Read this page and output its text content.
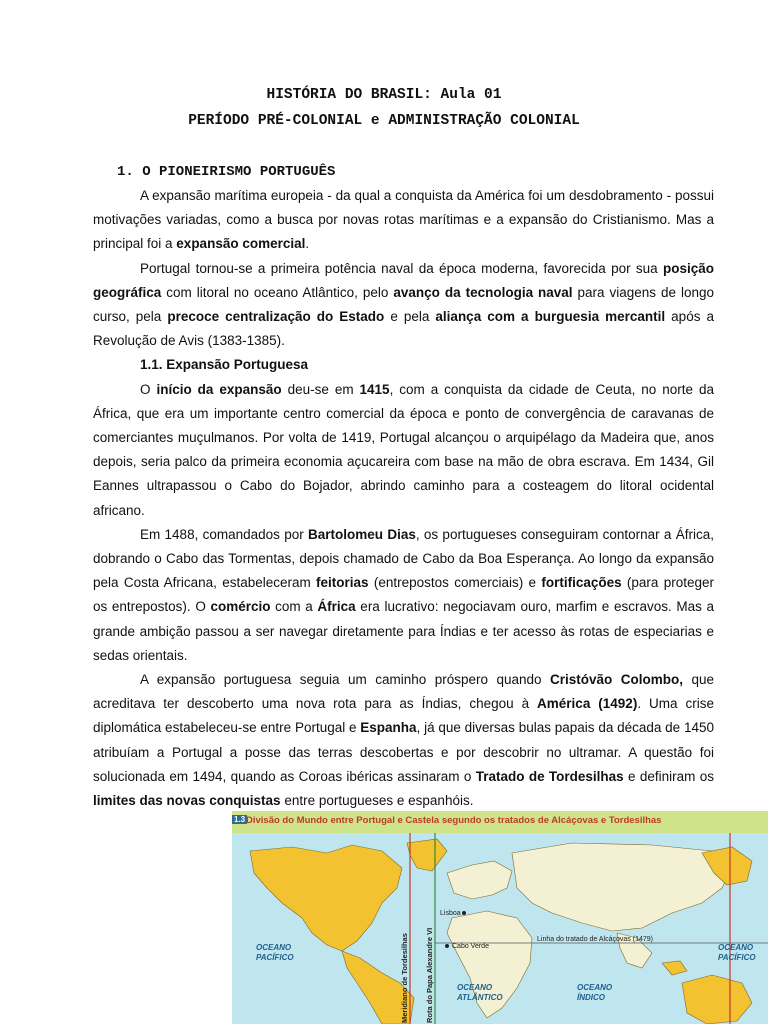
HISTÓRIA DO BRASIL: Aula 01
PERÍODO PRÉ-COLONIAL e ADMINISTRAÇÃO COLONIAL
1. O PIONEIRISMO PORTUGUÊS

A expansão marítima europeia - da qual a conquista da América foi um desdobramento - possui motivações variadas, como a busca por novas rotas marítimas e a expansão do Cristianismo. Mas a principal foi a expansão comercial.

Portugal tornou-se a primeira potência naval da época moderna, favorecida por sua posição geográfica com litoral no oceano Atlântico, pelo avanço da tecnologia naval para viagens de longo curso, pela precoce centralização do Estado e pela aliança com a burguesia mercantil após a Revolução de Avis (1383-1385).

1.1. Expansão Portuguesa

O início da expansão deu-se em 1415, com a conquista da cidade de Ceuta, no norte da África, que era um importante centro comercial da época e ponto de convergência de caravanas de comerciantes muçulmanos. Por volta de 1419, Portugal alcançou o arquipélago da Madeira que, anos depois, seria palco da primeira economia açucareira com base na mão de obra escrava. Em 1434, Gil Eannes ultrapassou o Cabo do Bojador, abrindo caminho para a costeagem do litoral ocidental africano.

Em 1488, comandados por Bartolomeu Dias, os portugueses conseguiram contornar a África, dobrando o Cabo das Tormentas, depois chamado de Cabo da Boa Esperança. Ao longo da expansão pela Costa Africana, estabeleceram feitorias (entrepostos comerciais) e fortificações (para proteger os entrepostos). O comércio com a África era lucrativo: negociavam ouro, marfim e escravos. Mas a grande ambição passou a ser navegar diretamente para Índias e ter acesso às rotas de especiarias e sedas orientais.

A expansão portuguesa seguia um caminho próspero quando Cristóvão Colombo, que acreditava ter descoberto uma nova rota para as Índias, chegou à América (1492). Uma crise diplomática estabeleceu-se entre Portugal e Espanha, já que diversas bulas papais da década de 1450 atribuíam a Portugal a posse das terras descobertas e por descobrir no ultramar. A questão foi solucionada em 1494, quando as Coroas ibéricas assinaram o Tratado de Tordesilhas e definiram os limites das novas conquistas entre portugueses e espanhóis.

1.3 Divisão do Mundo entre Portugal e Castela segundo os tratados de Alcáçovas e Tordesilhas
Lisboa
Linha do tratado de Alcáçovas (1479)
Cabo Verde
OCEANO PACÍFICO
OCEANO PACÍFICO
OCEANO ATLÂNTICO
OCEANO ÍNDICO
Meridiano de Tordesilhas Rota do Papa Alexandre VI
